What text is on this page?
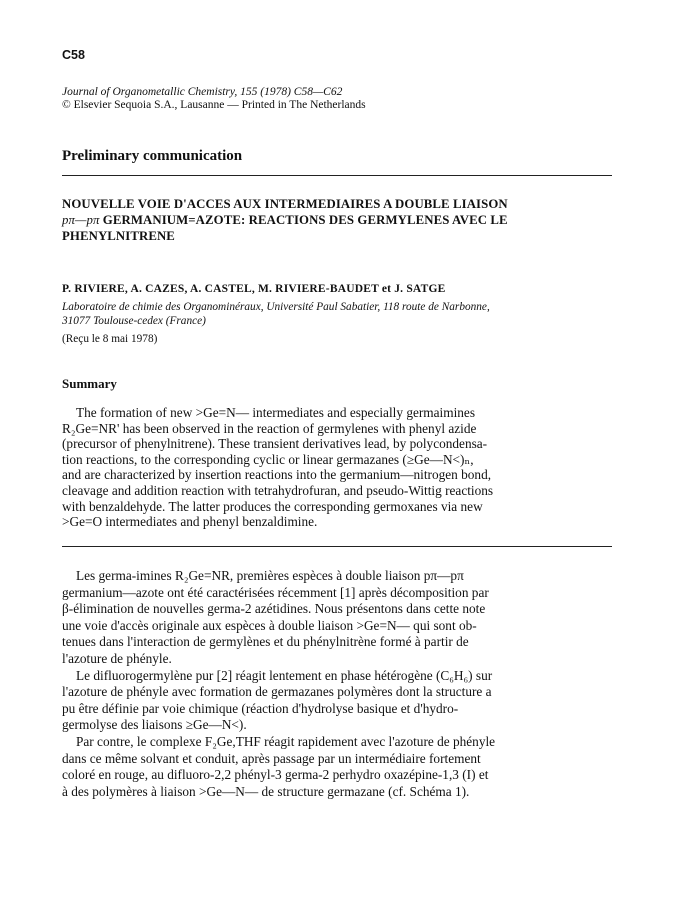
C58
Journal of Organometallic Chemistry, 155 (1978) C58—C62
© Elsevier Sequoia S.A., Lausanne — Printed in The Netherlands
Preliminary communication
NOUVELLE VOIE D'ACCES AUX INTERMEDIAIRES A DOUBLE LIAISON
pπ—pπ GERMANIUM=AZOTE: REACTIONS DES GERMYLENES AVEC LE
PHENYLNITRENE
P. RIVIERE, A. CAZES, A. CASTEL, M. RIVIERE-BAUDET et J. SATGE
Laboratoire de chimie des Organominéraux, Université Paul Sabatier, 118 route de Narbonne,
31077 Toulouse-cedex (France)
(Reçu le 8 mai 1978)
Summary
The formation of new >Ge=N— intermediates and especially germaimines
R₂Ge=NR' has been observed in the reaction of germylenes with phenyl azide
(precursor of phenylnitrene). These transient derivatives lead, by polycondensa-
tion reactions, to the corresponding cyclic or linear germazanes (≥Ge—N<)ₙ,
and are characterized by insertion reactions into the germanium—nitrogen bond,
cleavage and addition reaction with tetrahydrofuran, and pseudo-Wittig reactions
with benzaldehyde. The latter produces the corresponding germoxanes via new
>Ge=O intermediates and phenyl benzaldimine.
Les germa-imines R₂Ge=NR, premières espèces à double liaison pπ—pπ
germanium—azote ont été caractérisées récemment [1] après décomposition par
β-élimination de nouvelles germa-2 azétidines. Nous présentons dans cette note
une voie d'accès originale aux espèces à double liaison >Ge=N— qui sont ob-
tenues dans l'interaction de germylènes et du phénylnitrène formé à partir de
l'azoture de phényle.
Le difluorogermylène pur [2] réagit lentement en phase hétérogène (C₆H₆) sur
l'azoture de phényle avec formation de germazanes polymères dont la structure a
pu être définie par voie chimique (réaction d'hydrolyse basique et d'hydro-
germolyse des liaisons ≥Ge—N<).
Par contre, le complexe F₂Ge,THF réagit rapidement avec l'azoture de phényle
dans ce même solvant et conduit, après passage par un intermédiaire fortement
coloré en rouge, au difluoro-2,2 phényl-3 germa-2 perhydro oxazépine-1,3 (I) et
à des polymères à liaison >Ge—N— de structure germazane (cf. Schéma 1).
